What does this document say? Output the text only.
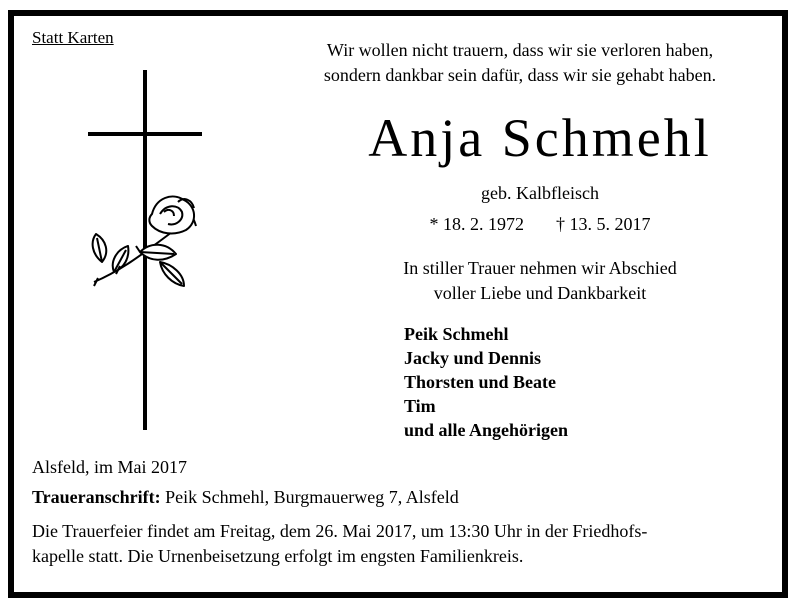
Statt Karten
Wir wollen nicht trauern, dass wir sie verloren haben,
sondern dankbar sein dafür, dass wir sie gehabt haben.
Anja Schmehl
geb. Kalbfleisch
* 18. 2. 1972 † 13. 5. 2017
In stiller Trauer nehmen wir Abschied
voller Liebe und Dankbarkeit
Peik Schmehl
Jacky und Dennis
Thorsten und Beate
Tim
und alle Angehörigen
Alsfeld, im Mai 2017
Traueranschrift: Peik Schmehl, Burgmauerweg 7, Alsfeld
Die Trauerfeier findet am Freitag, dem 26. Mai 2017, um 13:30 Uhr in der Friedhofs-
kapelle statt. Die Urnenbeisetzung erfolgt im engsten Familienkreis.
